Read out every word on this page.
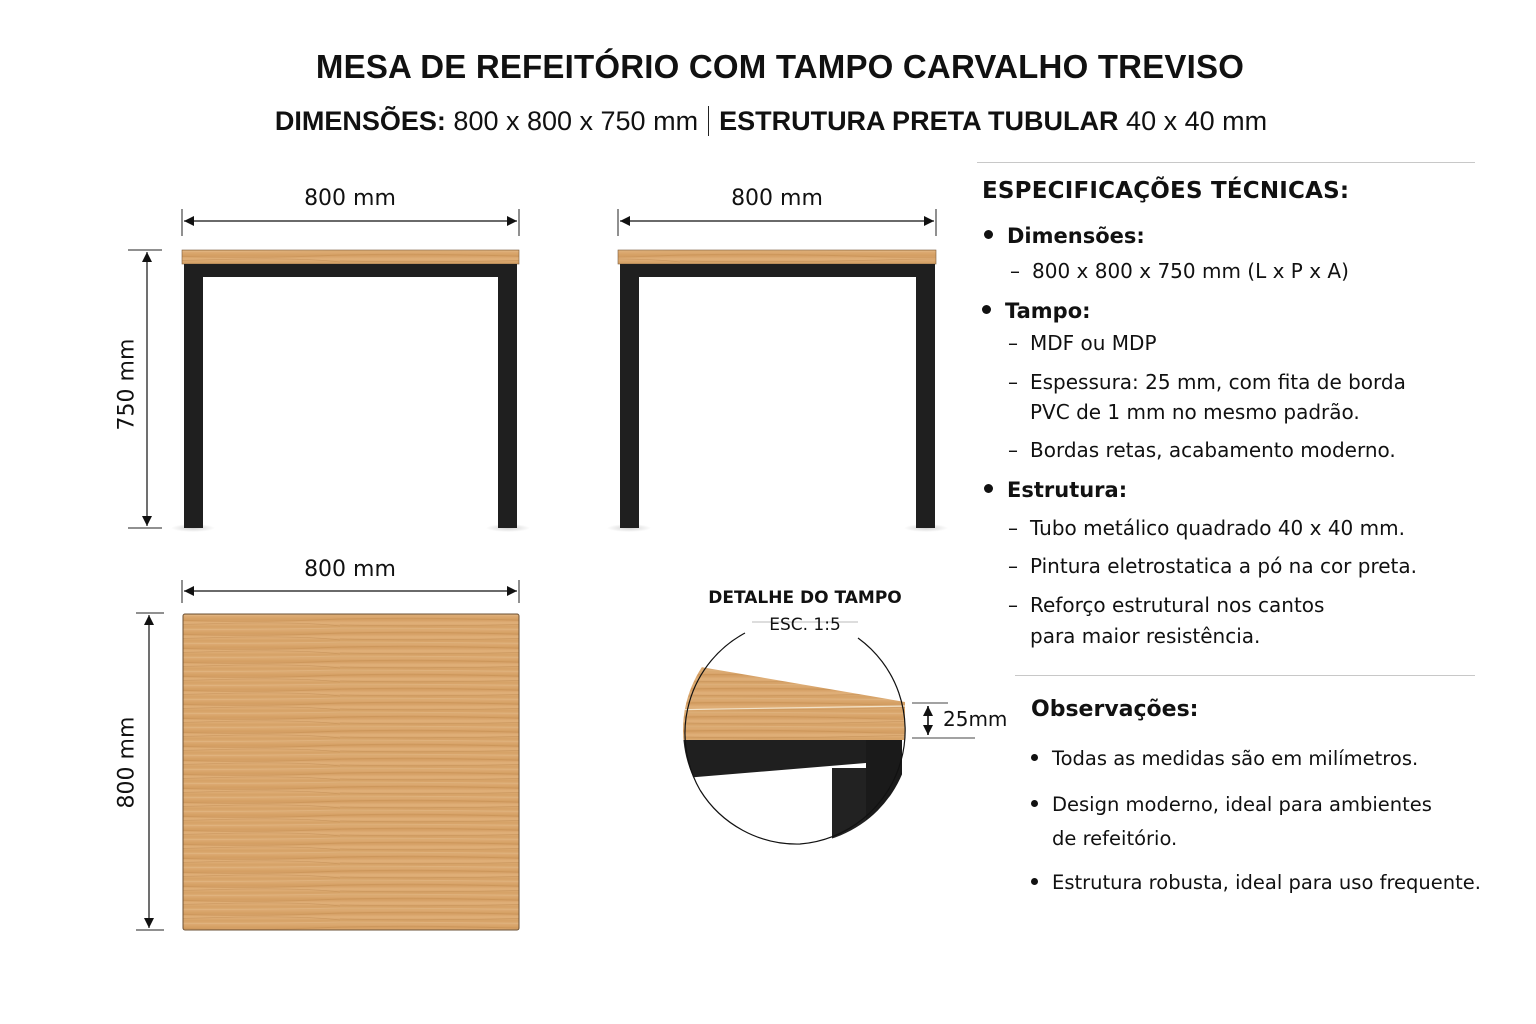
MESA DE REFEITÓRIO COM TAMPO CARVALHO TREVISO
DIMENSÕES: 800 x 800 x 750 mm ESTRUTURA PRETA TUBULAR 40 x 40 mm
800 mm
750 mm
800 mm
800 mm
800 mm
DETALHE DO TAMPO
ESC. 1:5
25mm
ESPECIFICAÇÕES TÉCNICAS:
Dimensões:
– 800 x 800 x 750 mm (L x P x A)
Tampo:
– MDF ou MDP
– Espessura: 25 mm, com fita de borda
PVC de 1 mm no mesmo padrão.
– Bordas retas, acabamento moderno.
Estrutura:
– Tubo metálico quadrado 40 x 40 mm.
– Pintura eletrostatica a pó na cor preta.
– Reforço estrutural nos cantos
para maior resistência.
Observações:
Todas as medidas são em milímetros.
Design moderno, ideal para ambientes
de refeitório.
Estrutura robusta, ideal para uso frequente.
